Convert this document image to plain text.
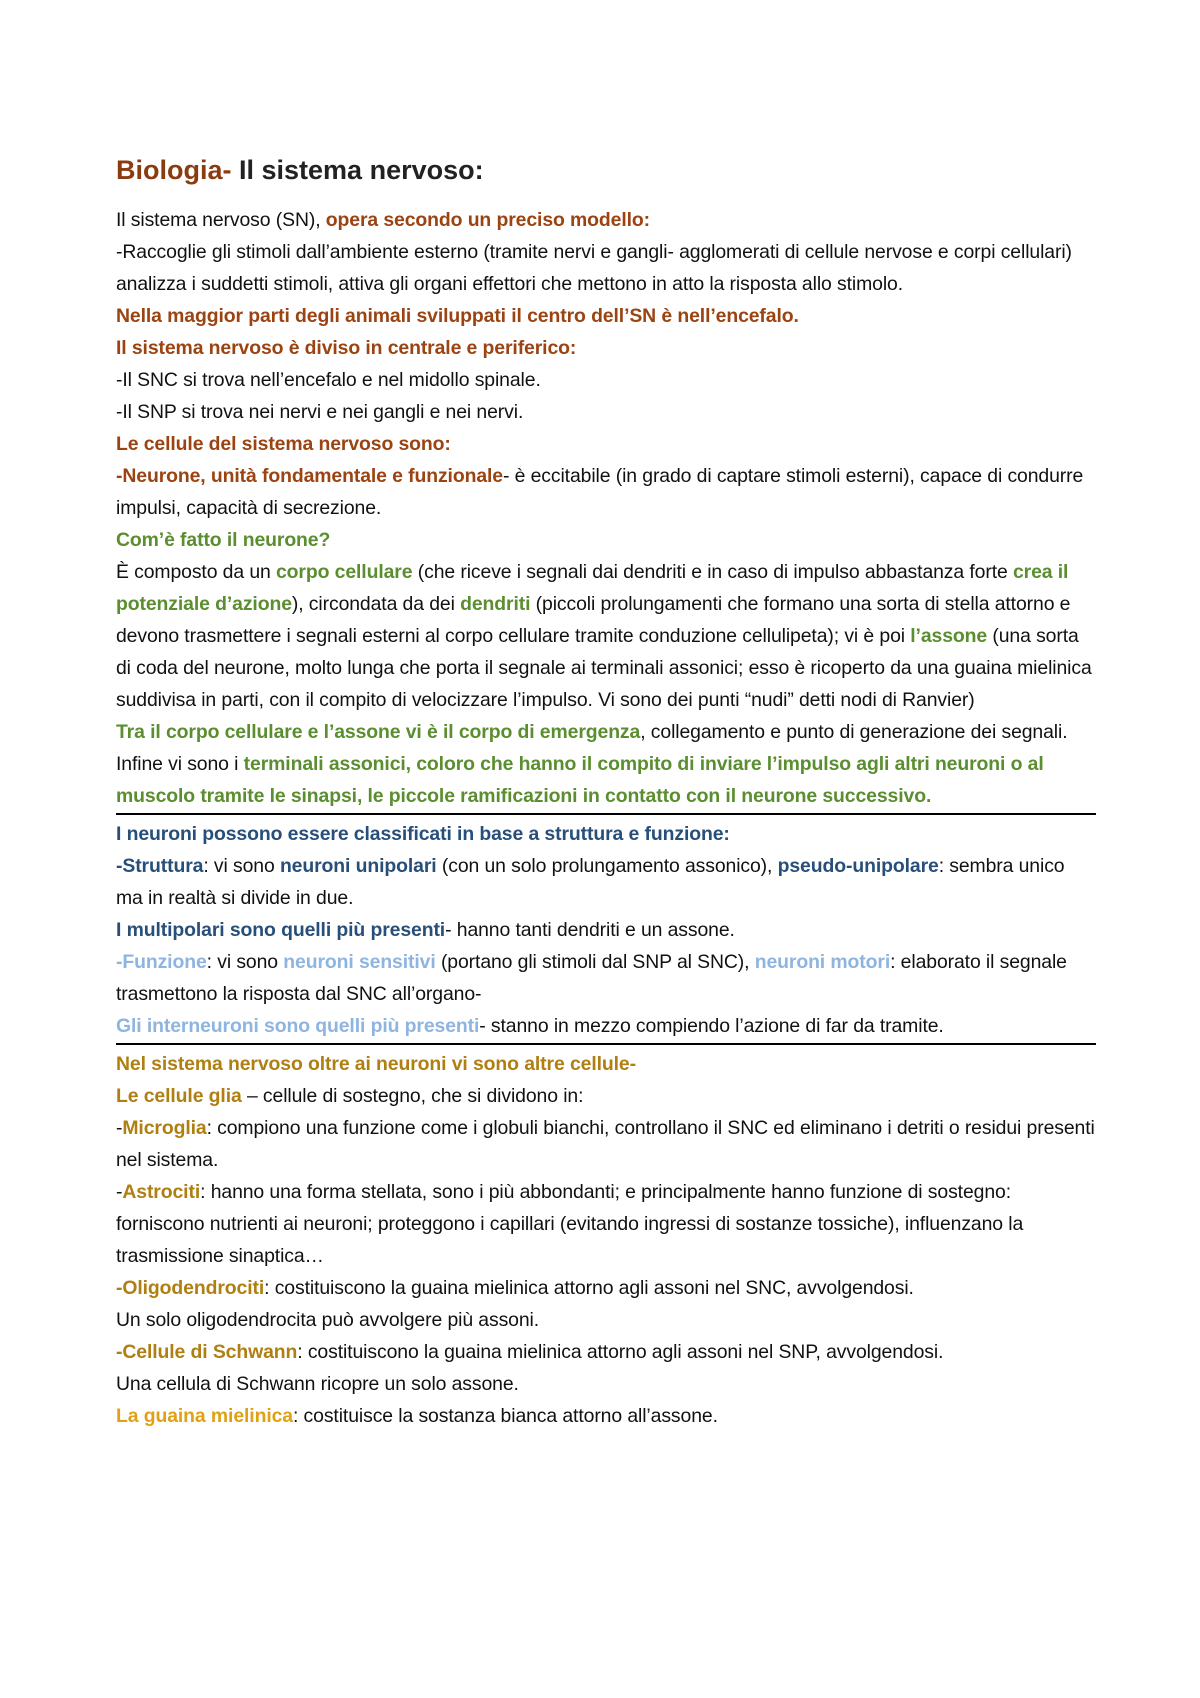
Biologia- Il sistema nervoso:

Il sistema nervoso (SN), opera secondo un preciso modello:

-Raccoglie gli stimoli dall’ambiente esterno (tramite nervi e gangli- agglomerati di cellule nervose e corpi cellulari) analizza i suddetti stimoli, attiva gli organi effettori che mettono in atto la risposta allo stimolo.

Nella maggior parti degli animali sviluppati il centro dell’SN è nell’encefalo.

Il sistema nervoso è diviso in centrale e periferico:

-Il SNC si trova nell’encefalo e nel midollo spinale.

-Il SNP si trova nei nervi e nei gangli e nei nervi.

Le cellule del sistema nervoso sono:

-Neurone, unità fondamentale e funzionale- è eccitabile (in grado di captare stimoli esterni), capace di condurre impulsi, capacità di secrezione.

Com’è fatto il neurone?

È composto da un corpo cellulare (che riceve i segnali dai dendriti e in caso di impulso abbastanza forte crea il potenziale d’azione), circondata da dei dendriti (piccoli prolungamenti che formano una sorta di stella attorno e devono trasmettere i segnali esterni al corpo cellulare tramite conduzione cellulipeta); vi è poi l’assone (una sorta di coda del neurone, molto lunga che porta il segnale ai terminali assonici; esso è ricoperto da una guaina mielinica suddivisa in parti, con il compito di velocizzare l’impulso. Vi sono dei punti “nudi” detti nodi di Ranvier)

Tra il corpo cellulare e l’assone vi è il corpo di emergenza, collegamento e punto di generazione dei segnali.

Infine vi sono i terminali assonici, coloro che hanno il compito di inviare l’impulso agli altri neuroni o al muscolo tramite le sinapsi, le piccole ramificazioni in contatto con il neurone successivo.

I neuroni possono essere classificati in base a struttura e funzione:

-Struttura: vi sono neuroni unipolari (con un solo prolungamento assonico), pseudo-unipolare: sembra unico ma in realtà si divide in due.

I multipolari sono quelli più presenti- hanno tanti dendriti e un assone.

-Funzione: vi sono neuroni sensitivi (portano gli stimoli dal SNP al SNC), neuroni motori: elaborato il segnale trasmettono la risposta dal SNC all’organo-

Gli interneuroni sono quelli più presenti- stanno in mezzo compiendo l’azione di far da tramite.

Nel sistema nervoso oltre ai neuroni vi sono altre cellule-

Le cellule glia – cellule di sostegno, che si dividono in:

-Microglia: compiono una funzione come i globuli bianchi, controllano il SNC ed eliminano i detriti o residui presenti nel sistema.

-Astrociti: hanno una forma stellata, sono i più abbondanti; e principalmente hanno funzione di sostegno: forniscono nutrienti ai neuroni; proteggono i capillari (evitando ingressi di sostanze tossiche), influenzano la trasmissione sinaptica…

-Oligodendrociti: costituiscono la guaina mielinica attorno agli assoni nel SNC, avvolgendosi.

Un solo oligodendrocita può avvolgere più assoni.

-Cellule di Schwann: costituiscono la guaina mielinica attorno agli assoni nel SNP, avvolgendosi.

Una cellula di Schwann ricopre un solo assone.

La guaina mielinica: costituisce la sostanza bianca attorno all’assone.
